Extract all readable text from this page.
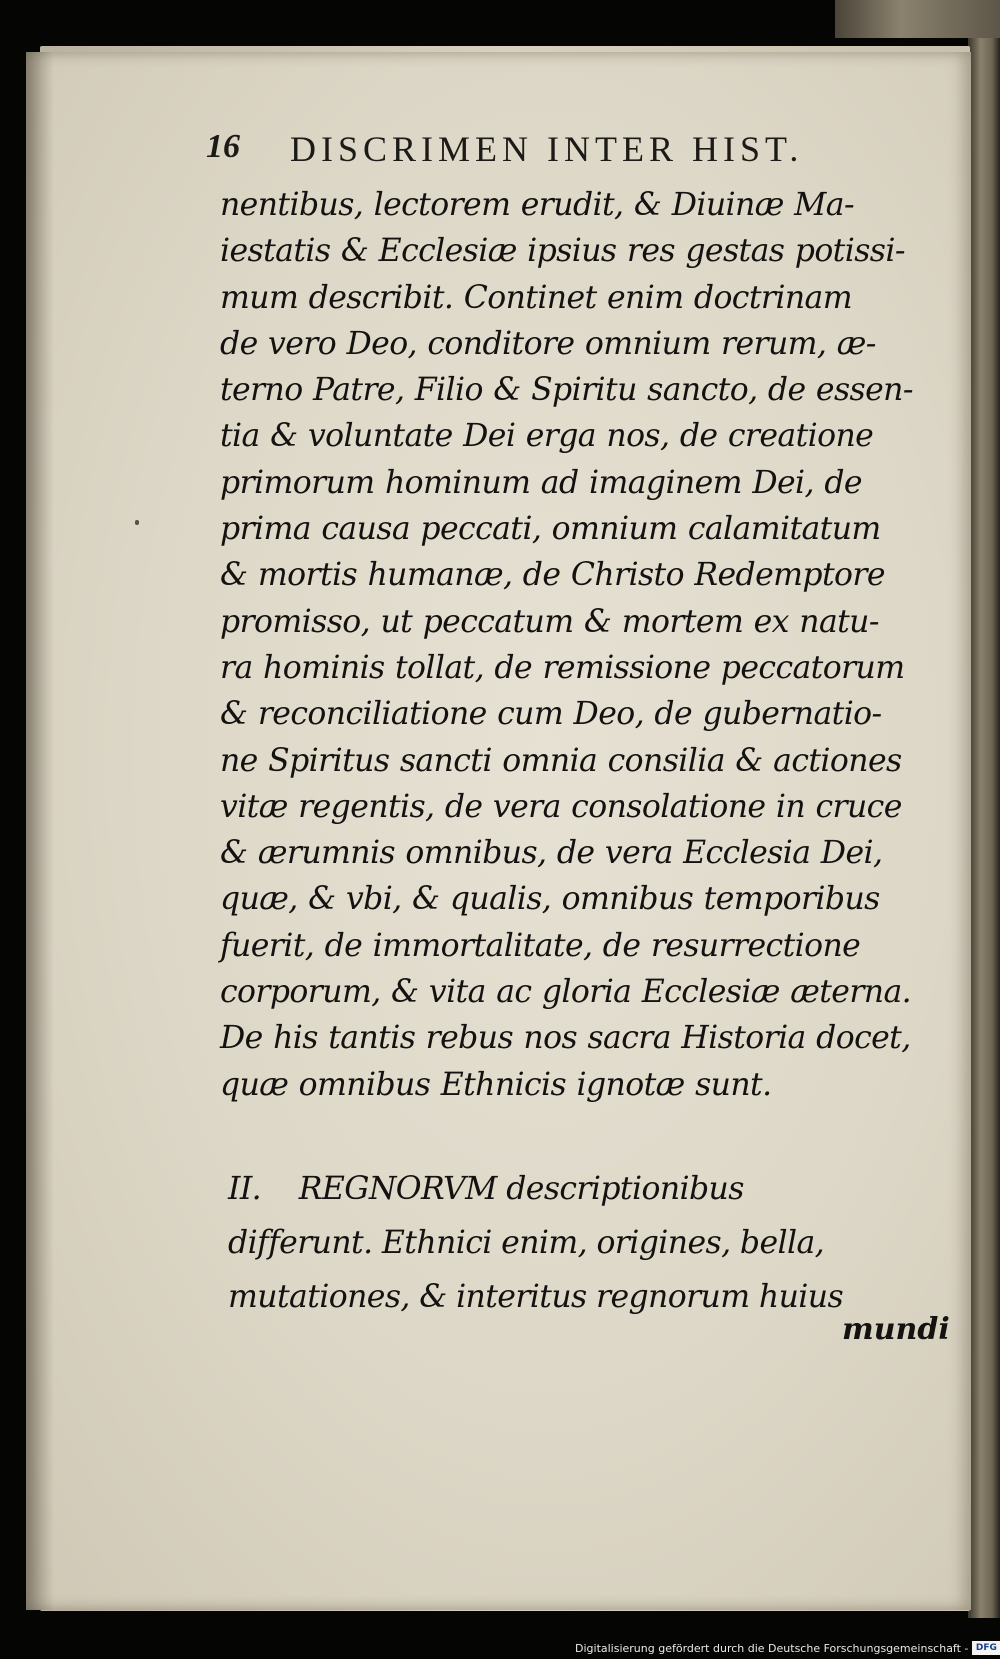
16 DISCRIMEN INTER HIST.
nentibus, lectorem erudit, & Diuinæ Ma-
iestatis & Ecclesiæ ipsius res gestas potissi-
mum describit. Continet enim doctrinam
de vero Deo, conditore omnium rerum, æ-
terno Patre, Filio & Spiritu sancto, de essen-
tia & voluntate Dei erga nos, de creatione
primorum hominum ad imaginem Dei, de
prima causa peccati, omnium calamitatum
& mortis humanæ, de Christo Redemptore
promisso, ut peccatum & mortem ex natu-
ra hominis tollat, de remissione peccatorum
& reconciliatione cum Deo, de gubernatio-
ne Spiritus sancti omnia consilia & actiones
vitæ regentis, de vera consolatione in cruce
& ærumnis omnibus, de vera Ecclesia Dei,
quæ, & vbi, & qualis, omnibus temporibus
fuerit, de immortalitate, de resurrectione
corporum, & vita ac gloria Ecclesiæ æterna.
De his tantis rebus nos sacra Historia docet,
quæ omnibus Ethnicis ignotæ sunt.
II.    REGNORVM descriptionibus
differunt. Ethnici enim, origines, bella,
mutationes, & interitus regnorum huius
mundi
Digitalisierung gefördert durch die Deutsche Forschungsgemeinschaft - DFG
